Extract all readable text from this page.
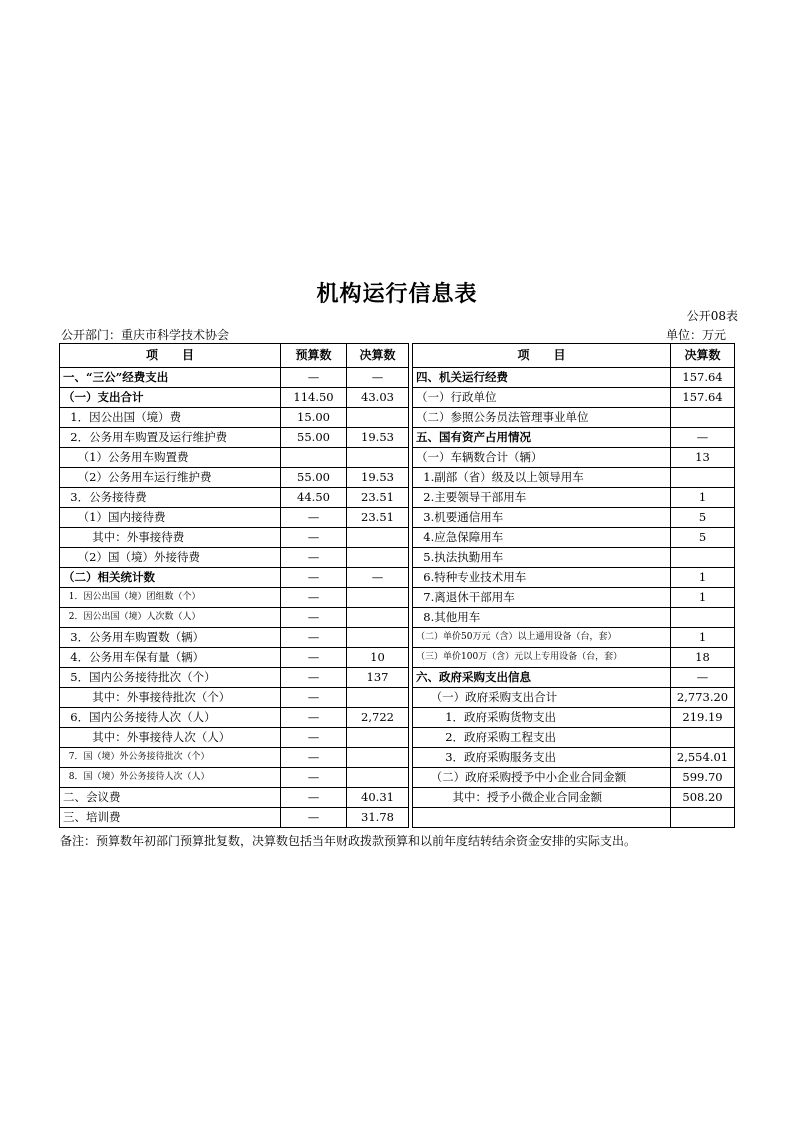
机构运行信息表
公开08表
公开部门：重庆市科学技术协会	单位：万元
项　　目	预算数	决算数		项　　目	决算数
一、“三公”经费支出	—	—		四、机关运行经费	157.64
（一）支出合计	114.50	43.03		（一）行政单位	157.64
1．因公出国（境）费	15.00			（二）参照公务员法管理事业单位	
2．公务用车购置及运行维护费	55.00	19.53		五、国有资产占用情况	—
（1）公务用车购置费				（一）车辆数合计（辆）	13
（2）公务用车运行维护费	55.00	19.53		1.副部（省）级及以上领导用车	
3．公务接待费	44.50	23.51		2.主要领导干部用车	1
（1）国内接待费	—	23.51		3.机要通信用车	5
其中：外事接待费	—			4.应急保障用车	5
（2）国（境）外接待费	—			5.执法执勤用车	
（二）相关统计数	—	—		6.特种专业技术用车	1
1．因公出国（境）团组数（个）	—			7.离退休干部用车	1
2．因公出国（境）人次数（人）	—			8.其他用车	
3．公务用车购置数（辆）	—			（二）单价50万元（含）以上通用设备（台，套）	1
4．公务用车保有量（辆）	—	10		（三）单价100万（含）元以上专用设备（台，套）	18
5．国内公务接待批次（个）	—	137		六、政府采购支出信息	—
其中：外事接待批次（个）	—			（一）政府采购支出合计	2,773.20
6．国内公务接待人次（人）	—	2,722		1．政府采购货物支出	219.19
其中：外事接待人次（人）	—			2．政府采购工程支出	
7．国（境）外公务接待批次（个）	—			3．政府采购服务支出	2,554.01
8．国（境）外公务接待人次（人）	—			（二）政府采购授予中小企业合同金额	599.70
二、会议费	—	40.31		其中：授予小微企业合同金额	508.20
三、培训费	—	31.78			
备注：预算数年初部门预算批复数，决算数包括当年财政拨款预算和以前年度结转结余资金安排的实际支出。
